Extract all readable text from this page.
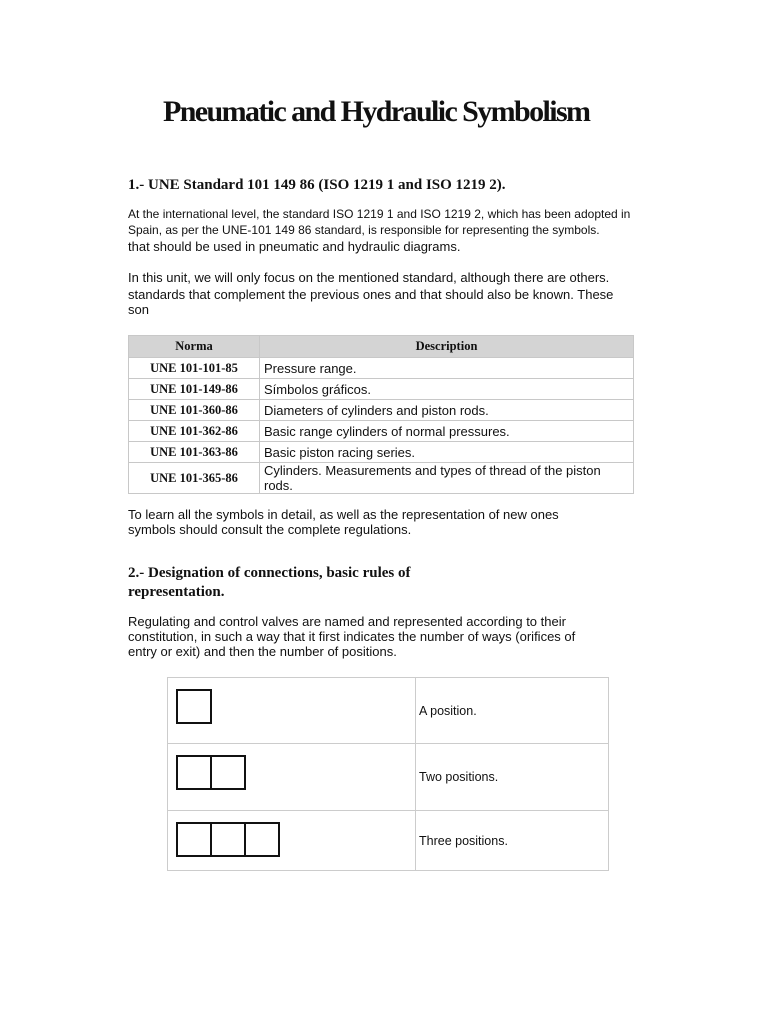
Pneumatic and Hydraulic Symbolism
1.- UNE Standard 101 149 86 (ISO 1219 1 and ISO 1219 2).

At the international level, the standard ISO 1219 1 and ISO 1219 2, which has been adopted in

Spain, as per the UNE-101 149 86 standard, is responsible for representing the symbols.

that should be used in pneumatic and hydraulic diagrams.

In this unit, we will only focus on the mentioned standard, although there are others.

standards that complement the previous ones and that should also be known. These

son

Norma	Description
UNE 101-101-85	Pressure range.
UNE 101-149-86	Símbolos gráficos.
UNE 101-360-86	Diameters of cylinders and piston rods.
UNE 101-362-86	Basic range cylinders of normal pressures.
UNE 101-363-86	Basic piston racing series.
UNE 101-365-86	Cylinders. Measurements and types of thread of the piston rods.

To learn all the symbols in detail, as well as the representation of new ones

symbols should consult the complete regulations.

2.- Designation of connections, basic rules of
representation.

Regulating and control valves are named and represented according to their

constitution, in such a way that it first indicates the number of ways (orifices of

entry or exit) and then the number of positions.

	A position.

	Two positions.

	Three positions.
